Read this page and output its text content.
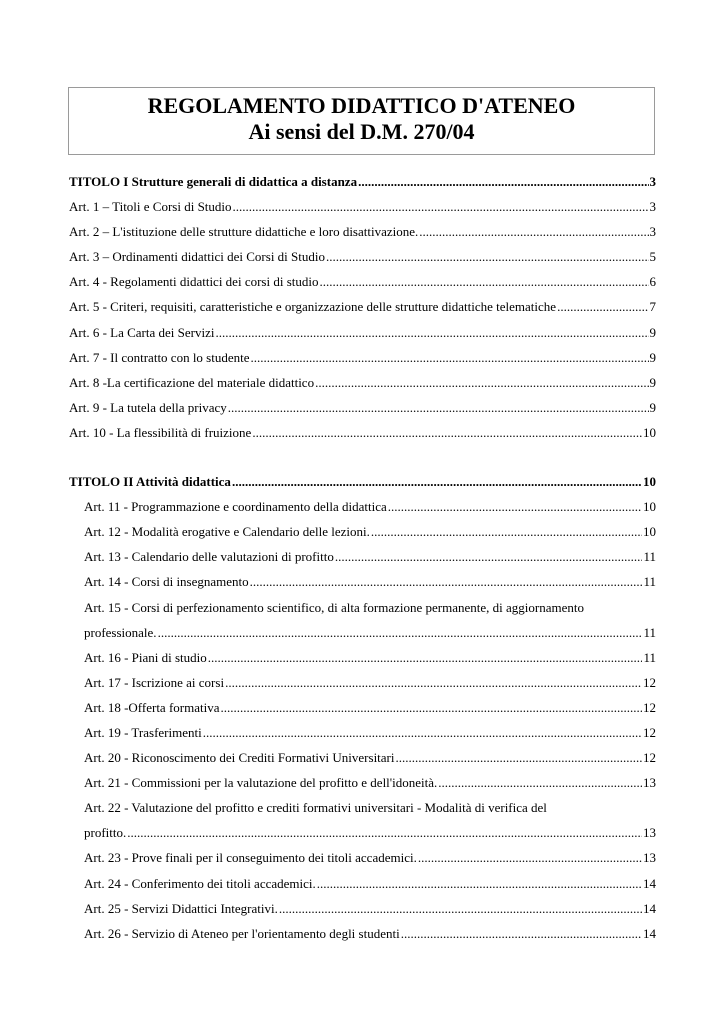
REGOLAMENTO DIDATTICO D'ATENEO
Ai sensi del D.M. 270/04
TITOLO I Strutture generali di didattica a distanza .....	3
Art. 1 – Titoli e Corsi di Studio .....	3
Art. 2 – L'istituzione delle strutture didattiche e loro disattivazione. .....	3
Art. 3 – Ordinamenti didattici dei Corsi di Studio .....	5
Art. 4 - Regolamenti didattici dei corsi di studio .....	6
Art. 5 - Criteri, requisiti, caratteristiche e organizzazione delle strutture didattiche telematiche .....	7
Art. 6 - La Carta dei Servizi .....	9
Art. 7 - Il contratto con lo studente .....	9
Art. 8 -La certificazione del materiale didattico .....	9
Art. 9 - La tutela della privacy .....	9
Art. 10 - La flessibilità di fruizione .....	10
TITOLO II Attività didattica .....	10
Art. 11 - Programmazione e coordinamento della didattica .....	10
Art. 12 - Modalità erogative e Calendario delle lezioni. .....	10
Art. 13 - Calendario delle valutazioni di profitto .....	11
Art. 14 - Corsi di insegnamento .....	11
Art. 15 - Corsi di perfezionamento scientifico, di alta formazione permanente, di aggiornamento
professionale. .....	11
Art. 16 - Piani di studio .....	11
Art. 17 - Iscrizione ai corsi .....	12
Art. 18 -Offerta formativa .....	12
Art. 19 - Trasferimenti .....	12
Art. 20 - Riconoscimento dei Crediti Formativi Universitari .....	12
Art. 21 - Commissioni per la valutazione del profitto e dell'idoneità. .....	13
Art. 22 - Valutazione del profitto e crediti formativi universitari - Modalità di verifica del
profitto. .....	13
Art. 23 - Prove finali per il conseguimento dei titoli accademici. .....	13
Art. 24 - Conferimento dei titoli accademici. .....	14
Art. 25 - Servizi Didattici Integrativi. .....	14
Art. 26 - Servizio di Ateneo per l'orientamento degli studenti .....	14
